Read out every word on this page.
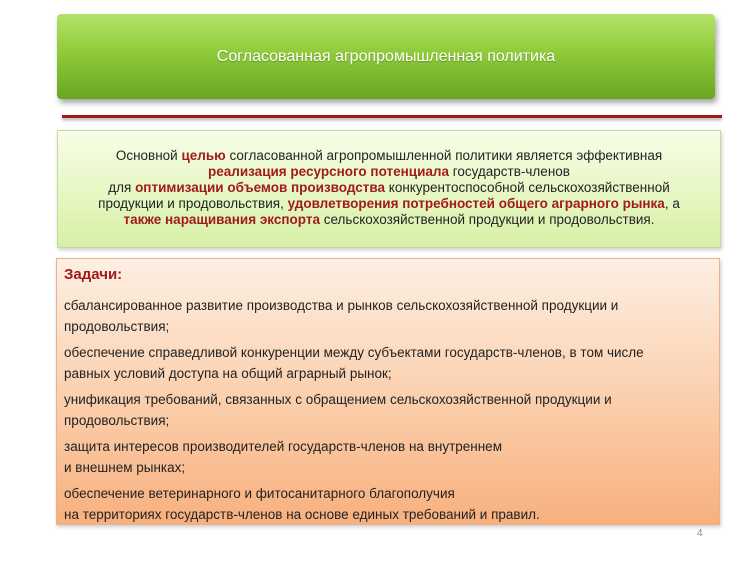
Согласованная агропромышленная политика
Основной целью согласованной агропромышленной политики является эффективная
реализация ресурсного потенциала государств-членов
для оптимизации объемов производства конкурентоспособной сельскохозяйственной
продукции и продовольствия, удовлетворения потребностей общего аграрного рынка, а
также наращивания экспорта сельскохозяйственной продукции и продовольствия.
Задачи:
сбалансированное развитие производства и рынков сельскохозяйственной продукции и
продовольствия;
обеспечение справедливой конкуренции между субъектами государств-членов, в том числе
равных условий доступа на общий аграрный рынок;
унификация требований, связанных с обращением сельскохозяйственной продукции и
продовольствия;
защита интересов производителей государств-членов на внутреннем
и внешнем рынках;
обеспечение ветеринарного и фитосанитарного благополучия
на территориях государств-членов на основе единых требований и правил.
4
